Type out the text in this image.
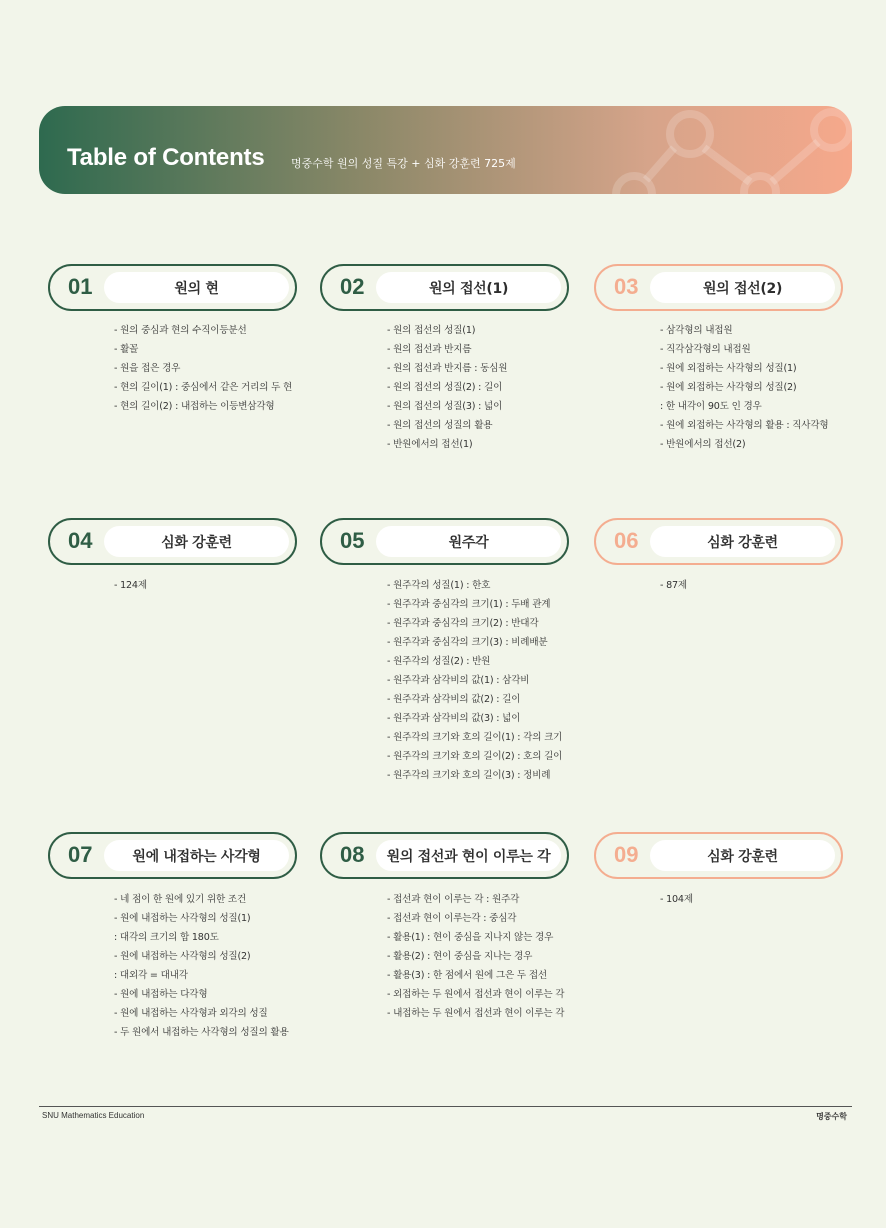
Table of Contents 명중수학 원의 성질 특강 + 심화 강훈련 725제
01	원의 현
- 원의 중심과 현의 수직이등분선
- 활꼴
- 원을 접은 경우
- 현의 길이(1) : 중심에서 같은 거리의 두 현
- 현의 길이(2) : 내접하는 이등변삼각형
02	원의 접선(1)
- 원의 접선의 성질(1)
- 원의 접선과 반지름
- 원의 접선과 반지름 : 동심원
- 원의 접선의 성질(2) : 길이
- 원의 접선의 성질(3) : 넓이
- 원의 접선의 성질의 활용
- 반원에서의 접선(1)
03	원의 접선(2)
- 삼각형의 내접원
- 직각삼각형의 내접원
- 원에 외접하는 사각형의 성질(1)
- 원에 외접하는 사각형의 성질(2)
: 한 내각이 90도 인 경우
- 원에 외접하는 사각형의 활용 : 직사각형
- 반원에서의 접선(2)
04	심화 강훈련
- 124제
05	원주각
- 원주각의 성질(1) : 한호
- 원주각과 중심각의 크기(1) : 두배 관계
- 원주각과 중심각의 크기(2) : 반대각
- 원주각과 중심각의 크기(3) : 비례배분
- 원주각의 성질(2) : 반원
- 원주각과 삼각비의 값(1) : 삼각비
- 원주각과 삼각비의 값(2) : 길이
- 원주각과 삼각비의 값(3) : 넓이
- 원주각의 크기와 호의 길이(1) : 각의 크기
- 원주각의 크기와 호의 길이(2) : 호의 길이
- 원주각의 크기와 호의 길이(3) : 정비례
06	심화 강훈련
- 87제
07	원에 내접하는 사각형
- 네 점이 한 원에 있기 위한 조건
- 원에 내접하는 사각형의 성질(1)
: 대각의 크기의 합 180도
- 원에 내접하는 사각형의 성질(2)
: 대외각 = 대내각
- 원에 내접하는 다각형
- 원에 내접하는 사각형과 외각의 성질
- 두 원에서 내접하는 사각형의 성질의 활용
08	원의 접선과 현이 이루는 각
- 접선과 현이 이루는 각 : 원주각
- 접선과 현이 이루는각 : 중심각
- 활용(1) : 현이 중심을 지나지 않는 경우
- 활용(2) : 현이 중심을 지나는 경우
- 활용(3) : 한 점에서 원에 그은 두 접선
- 외접하는 두 원에서 접선과 현이 이루는 각
- 내접하는 두 원에서 접선과 현이 이루는 각
09	심화 강훈련
- 104제
SNU Mathematics Education	명중수학
